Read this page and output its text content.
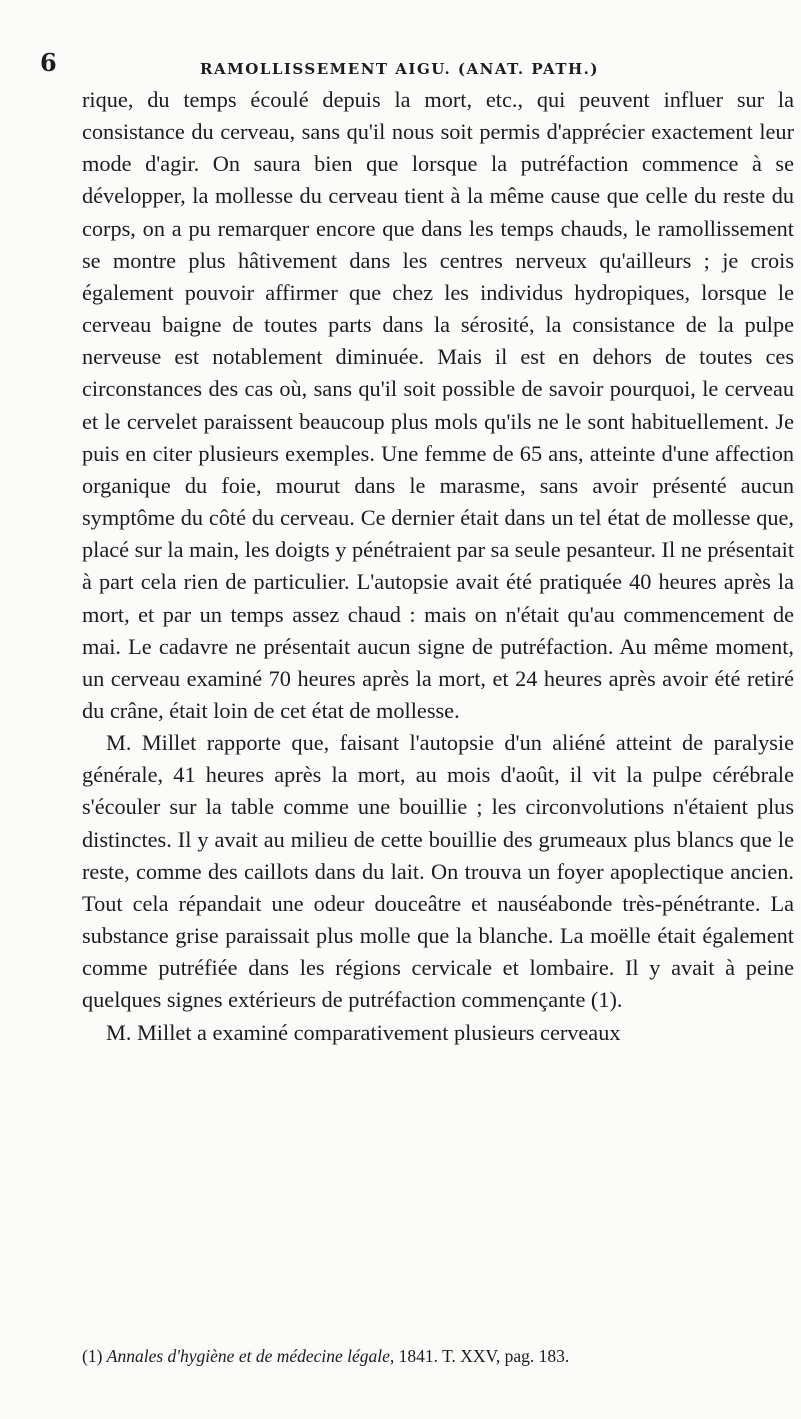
6	RAMOLLISSEMENT AIGU. (ANAT. PATH.)

rique, du temps écoulé depuis la mort, etc., qui peuvent influer sur la consistance du cerveau, sans qu'il nous soit permis d'apprécier exactement leur mode d'agir. On saura bien que lorsque la putréfaction commence à se développer, la mollesse du cerveau tient à la même cause que celle du reste du corps, on a pu remarquer encore que dans les temps chauds, le ramollissement se montre plus hâtivement dans les centres nerveux qu'ailleurs ; je crois également pouvoir affirmer que chez les individus hydropiques, lorsque le cerveau baigne de toutes parts dans la sérosité, la consistance de la pulpe nerveuse est notablement diminuée. Mais il est en dehors de toutes ces circonstances des cas où, sans qu'il soit possible de savoir pourquoi, le cerveau et le cervelet paraissent beaucoup plus mols qu'ils ne le sont habituellement. Je puis en citer plusieurs exemples. Une femme de 65 ans, atteinte d'une affection organique du foie, mourut dans le marasme, sans avoir présenté aucun symptôme du côté du cerveau. Ce dernier était dans un tel état de mollesse que, placé sur la main, les doigts y pénétraient par sa seule pesanteur. Il ne présentait à part cela rien de particulier. L'autopsie avait été pratiquée 40 heures après la mort, et par un temps assez chaud : mais on n'était qu'au commencement de mai. Le cadavre ne présentait aucun signe de putréfaction. Au même moment, un cerveau examiné 70 heures après la mort, et 24 heures après avoir été retiré du crâne, était loin de cet état de mollesse.

M. Millet rapporte que, faisant l'autopsie d'un aliéné atteint de paralysie générale, 41 heures après la mort, au mois d'août, il vit la pulpe cérébrale s'écouler sur la table comme une bouillie ; les circonvolutions n'étaient plus distinctes. Il y avait au milieu de cette bouillie des grumeaux plus blancs que le reste, comme des caillots dans du lait. On trouva un foyer apoplectique ancien. Tout cela répandait une odeur douceâtre et nauséabonde très-pénétrante. La substance grise paraissait plus molle que la blanche. La moëlle était également comme putréfiée dans les régions cervicale et lombaire. Il y avait à peine quelques signes extérieurs de putréfaction commençante (1).

M. Millet a examiné comparativement plusieurs cerveaux

(1) Annales d'hygiène et de médecine légale, 1841. T. XXV, pag. 183.
